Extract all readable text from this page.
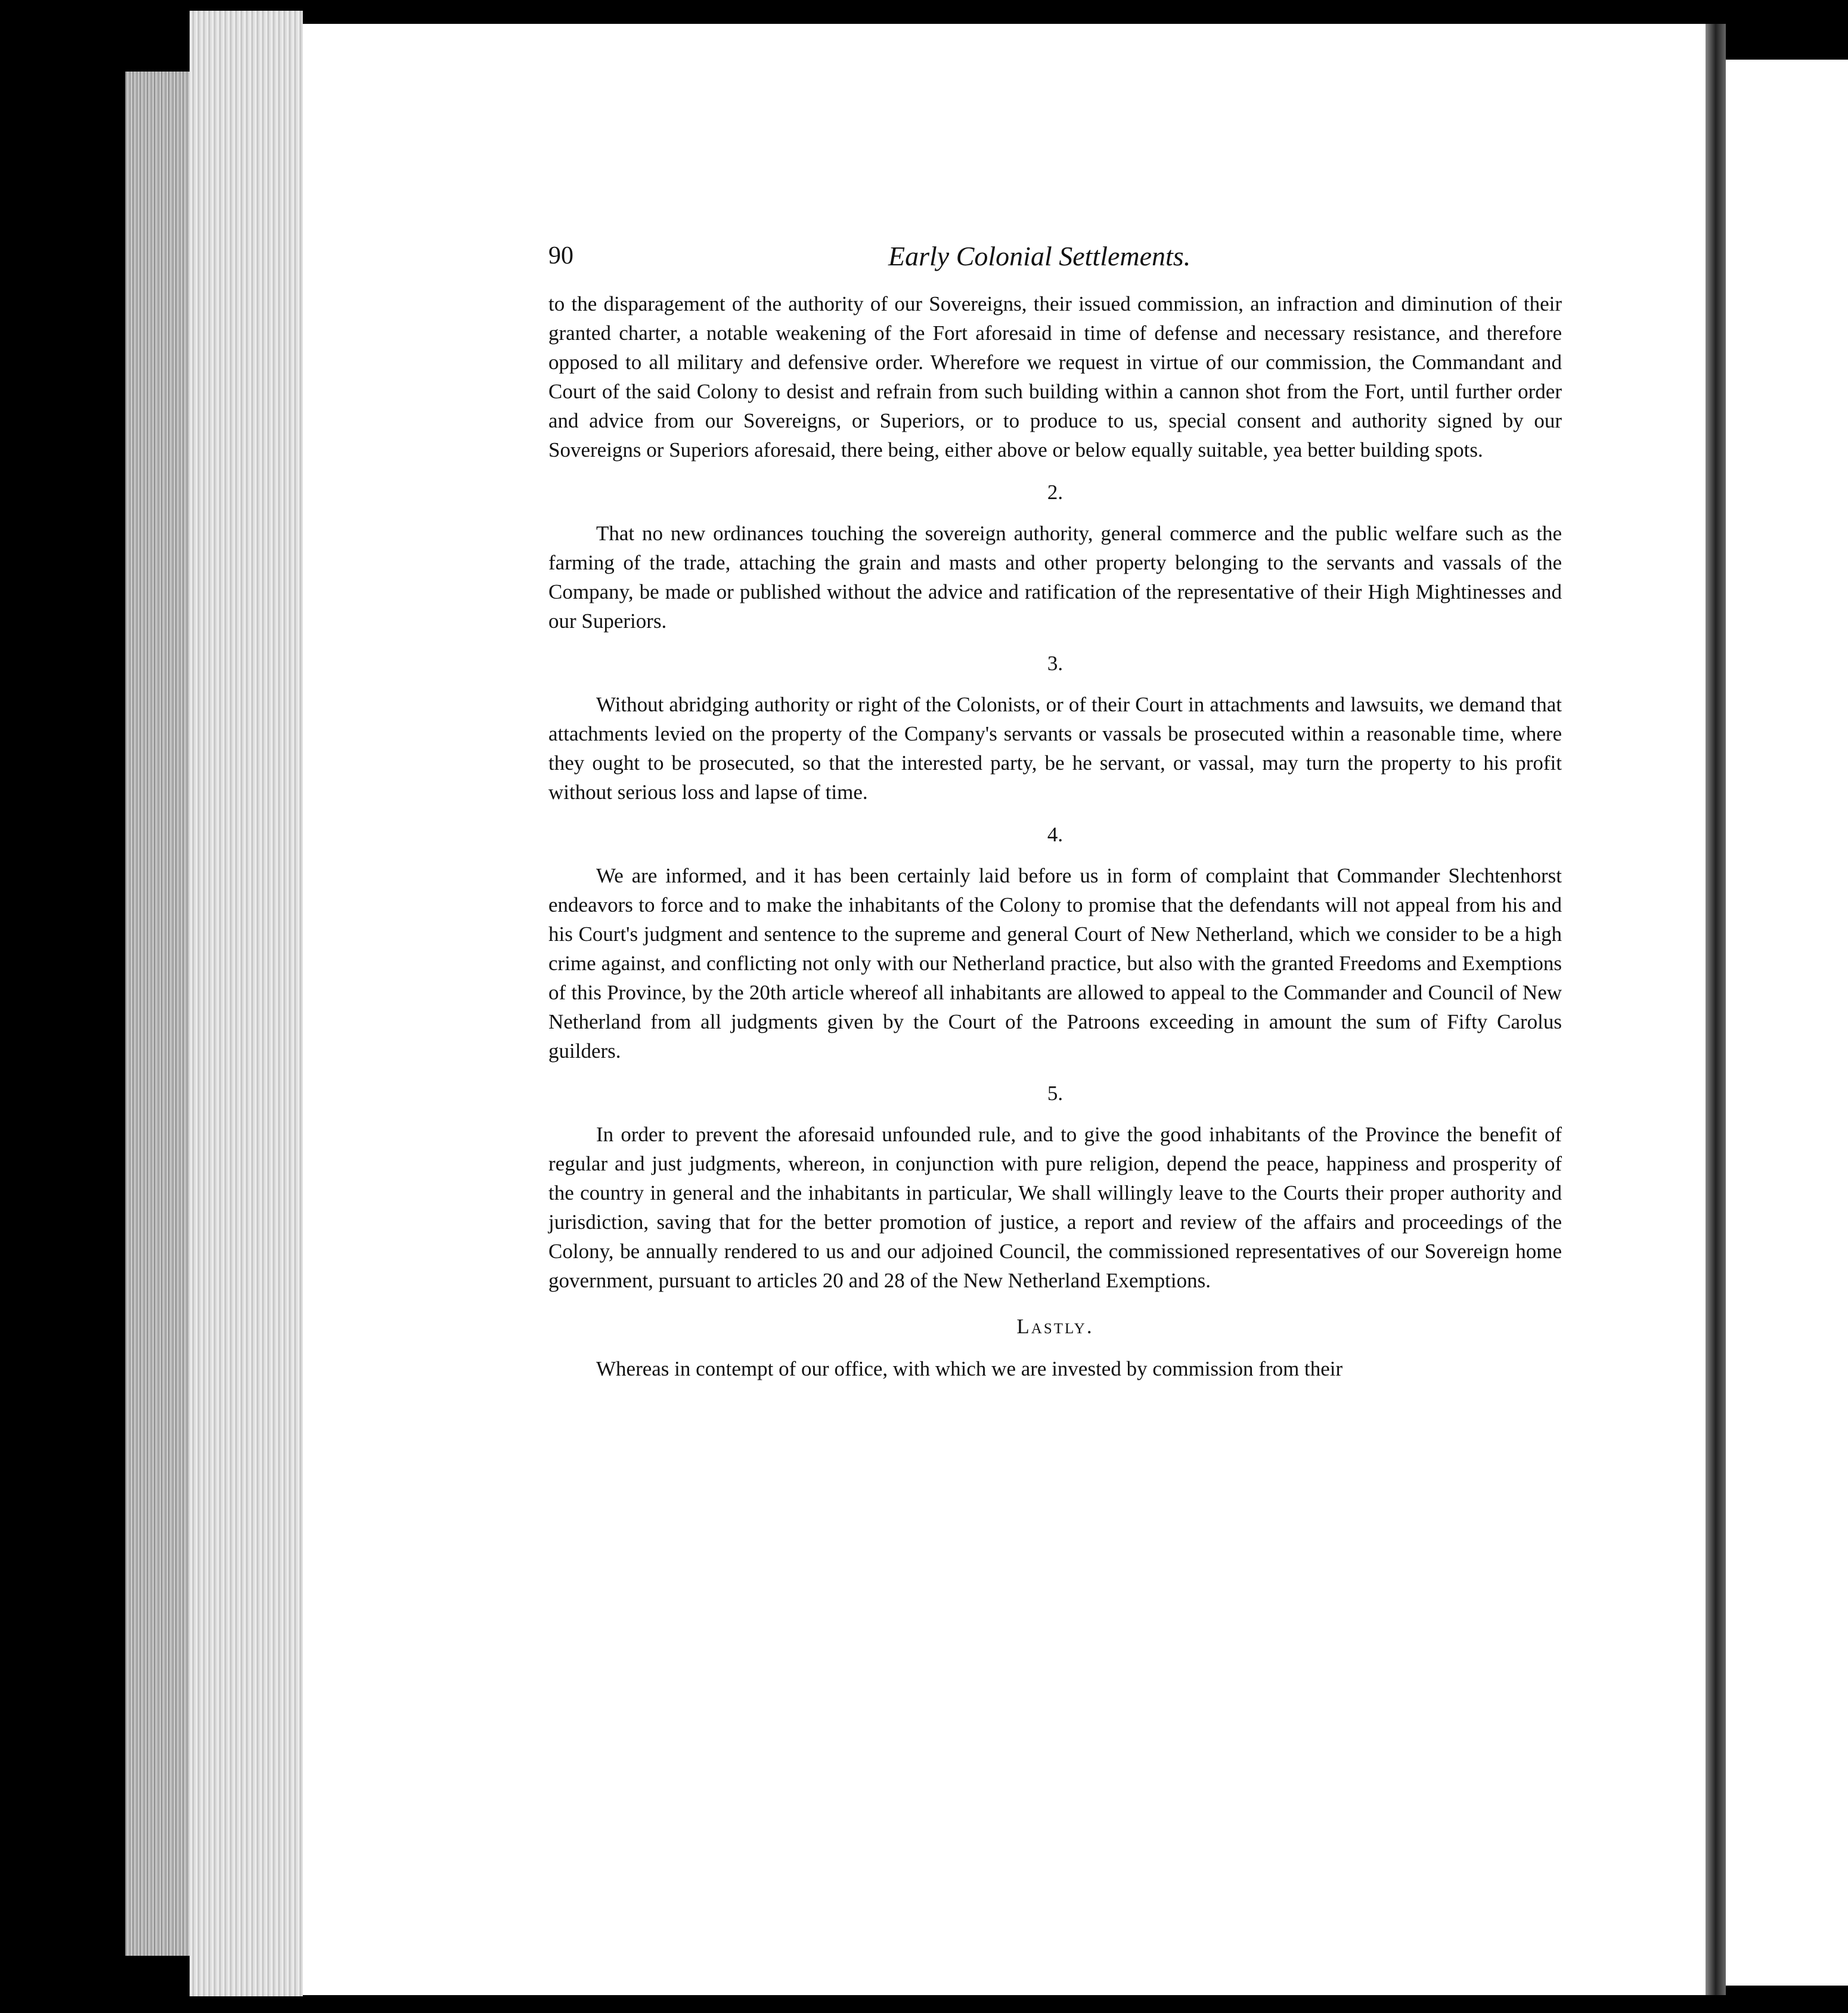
90	Early Colonial Settlements.

to the disparagement of the authority of our Sovereigns, their issued commission, an infraction and diminution of their granted charter, a notable weakening of the Fort aforesaid in time of defense and necessary resistance, and therefore opposed to all military and defensive order. Wherefore we request in virtue of our commission, the Commandant and Court of the said Colony to desist and refrain from such building within a cannon shot from the Fort, until further order and advice from our Sovereigns, or Superiors, or to produce to us, special consent and authority signed by our Sovereigns or Superiors aforesaid, there being, either above or below equally suitable, yea better building spots.

2.

That no new ordinances touching the sovereign authority, general commerce and the public welfare such as the farming of the trade, attaching the grain and masts and other property belonging to the servants and vassals of the Company, be made or published without the advice and ratification of the representative of their High Mightinesses and our Superiors.

3.

Without abridging authority or right of the Colonists, or of their Court in attachments and lawsuits, we demand that attachments levied on the property of the Company's servants or vassals be prosecuted within a reasonable time, where they ought to be prosecuted, so that the interested party, be he servant, or vassal, may turn the property to his profit without serious loss and lapse of time.

4.

We are informed, and it has been certainly laid before us in form of complaint that Commander Slechtenhorst endeavors to force and to make the inhabitants of the Colony to promise that the defendants will not appeal from his and his Court's judgment and sentence to the supreme and general Court of New Netherland, which we consider to be a high crime against, and conflicting not only with our Netherland practice, but also with the granted Freedoms and Exemptions of this Province, by the 20th article whereof all inhabitants are allowed to appeal to the Commander and Council of New Netherland from all judgments given by the Court of the Patroons exceeding in amount the sum of Fifty Carolus guilders.

5.

In order to prevent the aforesaid unfounded rule, and to give the good inhabitants of the Province the benefit of regular and just judgments, whereon, in conjunction with pure religion, depend the peace, happiness and prosperity of the country in general and the inhabitants in particular, We shall willingly leave to the Courts their proper authority and jurisdiction, saving that for the better promotion of justice, a report and review of the affairs and proceedings of the Colony, be annually rendered to us and our adjoined Council, the commissioned representatives of our Sovereign home government, pursuant to articles 20 and 28 of the New Netherland Exemptions.

Lastly.

Whereas in contempt of our office, with which we are invested by commission from their
